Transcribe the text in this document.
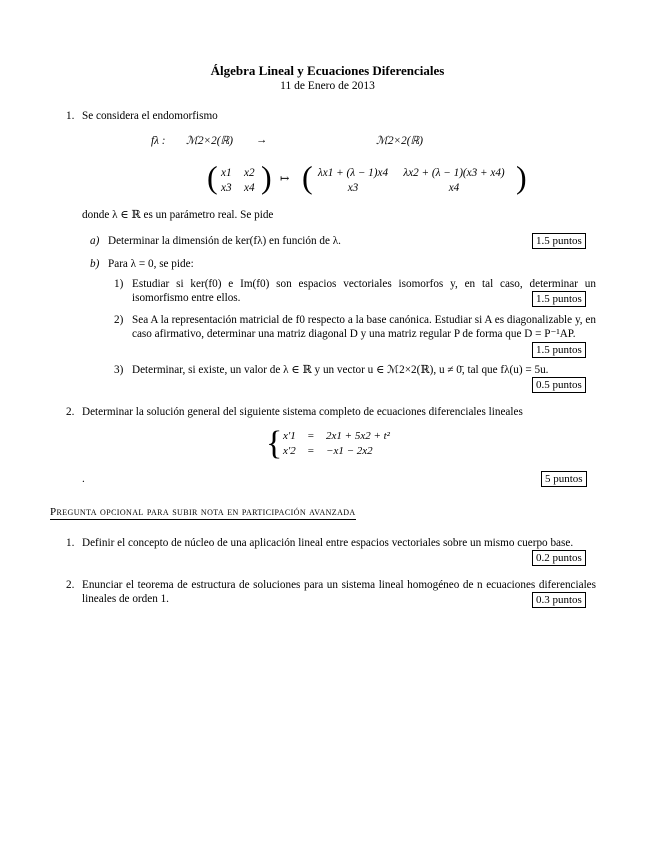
Álgebra Lineal y Ecuaciones Diferenciales
11 de Enero de 2013
1. Se considera el endomorfismo
fλ : ℳ2×2(ℝ) →	ℳ2×2(ℝ)
( x1 x2
x3 x4 ) ↦ ( λx1 + (λ − 1)x4	λx2 + (λ − 1)(x3 + x4)
x3	x4	)
donde λ ∈ ℝ es un parámetro real. Se pide
a) Determinar la dimensión de ker(fλ) en función de λ.	1.5 puntos
b) Para λ = 0, se pide:
1) Estudiar si ker(f0) e Im(f0) son espacios vectoriales isomorfos y, en tal caso, determinar un isomorfismo entre ellos.	1.5 puntos
2) Sea A la representación matricial de f0 respecto a la base canónica. Estudiar si A es diagonalizable y, en caso afirmativo, determinar una matriz diagonal D y una matriz regular P de forma que D = P⁻¹AP.
1.5 puntos
3) Determinar, si existe, un valor de λ ∈ ℝ y un vector u ∈ ℳ2×2(ℝ), u ≠ 0̄, tal que fλ(u) = 5u.
0.5 puntos
2. Determinar la solución general del siguiente sistema completo de ecuaciones diferenciales lineales
{ x′1	=	2x1 + 5x2 + t²
x′2	=	−x1 − 2x2
.	5 puntos
Pregunta opcional para subir nota en participación avanzada
1. Definir el concepto de núcleo de una aplicación lineal entre espacios vectoriales sobre un mismo cuerpo base.
0.2 puntos
2. Enunciar el teorema de estructura de soluciones para un sistema lineal homogéneo de n ecuaciones diferenciales lineales de orden 1.	0.3 puntos
